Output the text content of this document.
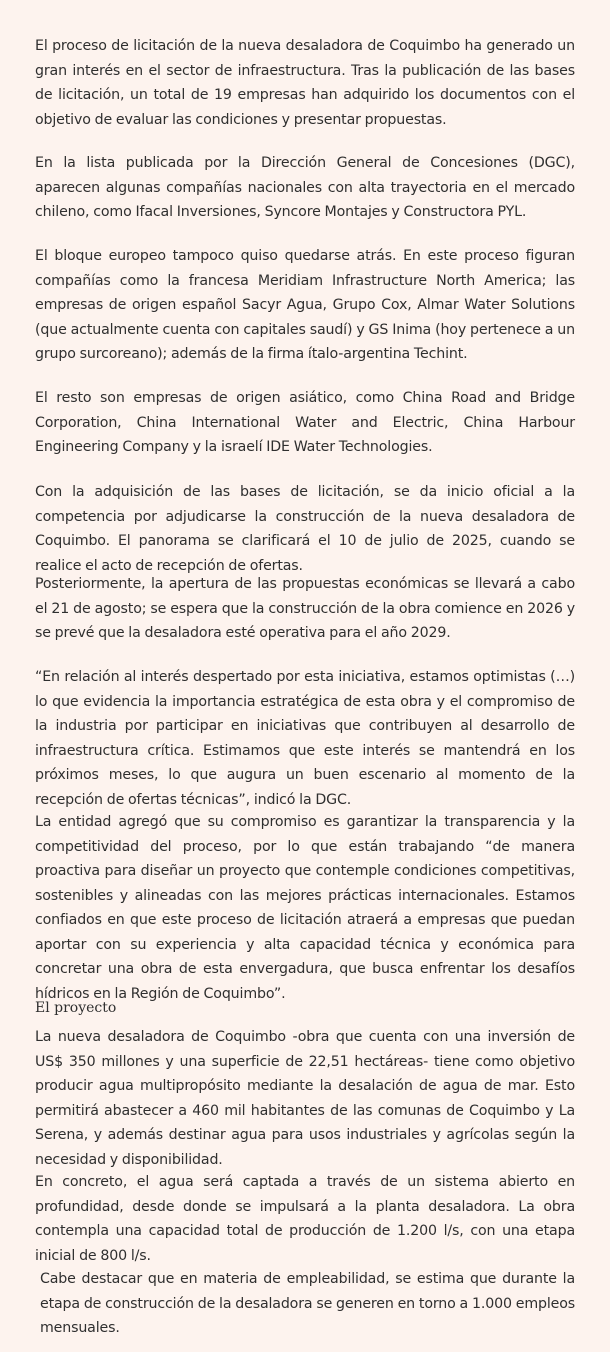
El proceso de licitación de la nueva desaladora de Coquimbo ha generado un gran interés en el sector de infraestructura. Tras la publicación de las bases de licitación, un total de 19 empresas han adquirido los documentos con el objetivo de evaluar las condiciones y presentar propuestas.

En la lista publicada por la Dirección General de Concesiones (DGC), aparecen algunas compañías nacionales con alta trayectoria en el mercado chileno, como Ifacal Inversiones, Syncore Montajes y Constructora PYL.

El bloque europeo tampoco quiso quedarse atrás. En este proceso figuran compañías como la francesa Meridiam Infrastructure North America; las empresas de origen español Sacyr Agua, Grupo Cox, Almar Water Solutions (que actualmente cuenta con capitales saudí) y GS Inima (hoy pertenece a un grupo surcoreano); además de la firma ítalo-argentina Techint.

El resto son empresas de origen asiático, como China Road and Bridge Corporation, China International Water and Electric, China Harbour Engineering Company y la israelí IDE Water Technologies.

Con la adquisición de las bases de licitación, se da inicio oficial a la competencia por adjudicarse la construcción de la nueva desaladora de Coquimbo. El panorama se clarificará el 10 de julio de 2025, cuando se realice el acto de recepción de ofertas.

Posteriormente, la apertura de las propuestas económicas se llevará a cabo el 21 de agosto; se espera que la construcción de la obra comience en 2026 y se prevé que la desaladora esté operativa para el año 2029.

“En relación al interés despertado por esta iniciativa, estamos optimistas (…) lo que evidencia la importancia estratégica de esta obra y el compromiso de la industria por participar en iniciativas que contribuyen al desarrollo de infraestructura crítica. Estimamos que este interés se mantendrá en los próximos meses, lo que augura un buen escenario al momento de la recepción de ofertas técnicas”, indicó la DGC.

La entidad agregó que su compromiso es garantizar la transparencia y la competitividad del proceso, por lo que están trabajando “de manera proactiva para diseñar un proyecto que contemple condiciones competitivas, sostenibles y alineadas con las mejores prácticas internacionales. Estamos confiados en que este proceso de licitación atraerá a empresas que puedan aportar con su experiencia y alta capacidad técnica y económica para concretar una obra de esta envergadura, que busca enfrentar los desafíos hídricos en la Región de Coquimbo”.

El proyecto

La nueva desaladora de Coquimbo -obra que cuenta con una inversión de US$ 350 millones y una superficie de 22,51 hectáreas- tiene como objetivo producir agua multipropósito mediante la desalación de agua de mar. Esto permitirá abastecer a 460 mil habitantes de las comunas de Coquimbo y La Serena, y además destinar agua para usos industriales y agrícolas según la necesidad y disponibilidad.

En concreto, el agua será captada a través de un sistema abierto en profundidad, desde donde se impulsará a la planta desaladora. La obra contempla una capacidad total de producción de 1.200 l/s, con una etapa inicial de 800 l/s.

Cabe destacar que en materia de empleabilidad, se estima que durante la etapa de construcción de la desaladora se generen en torno a 1.000 empleos mensuales.
